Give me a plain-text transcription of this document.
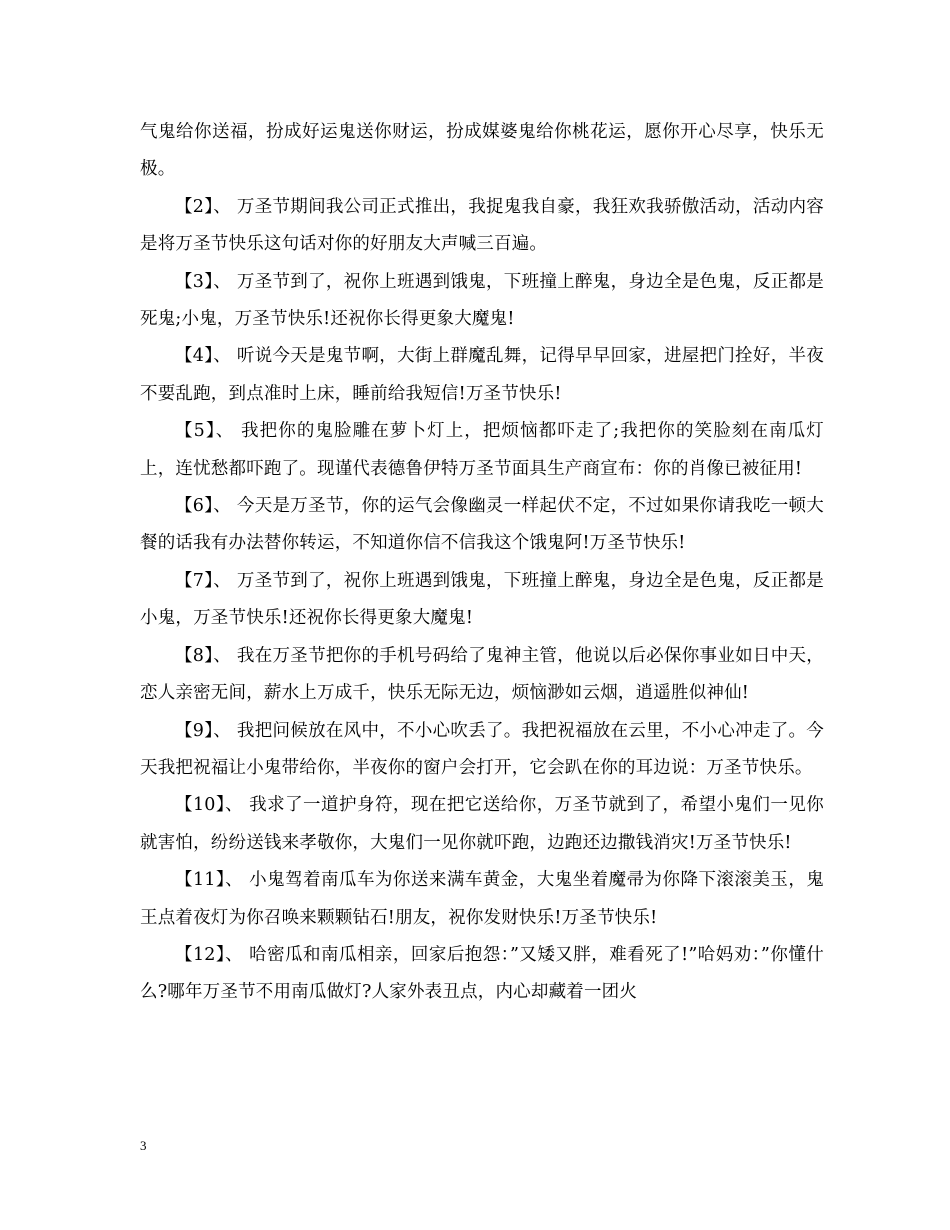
气鬼给你送福，扮成好运鬼送你财运，扮成媒婆鬼给你桃花运，愿你开心尽享，快乐无极。

【2】、 万圣节期间我公司正式推出，我捉鬼我自豪，我狂欢我骄傲活动，活动内容是将万圣节快乐这句话对你的好朋友大声喊三百遍。

【3】、 万圣节到了，祝你上班遇到饿鬼，下班撞上醉鬼，身边全是色鬼，反正都是死鬼;小鬼，万圣节快乐!还祝你长得更象大魔鬼!

【4】、 听说今天是鬼节啊，大街上群魔乱舞，记得早早回家，进屋把门拴好，半夜不要乱跑，到点准时上床，睡前给我短信!万圣节快乐!

【5】、 我把你的鬼脸雕在萝卜灯上，把烦恼都吓走了;我把你的笑脸刻在南瓜灯上，连忧愁都吓跑了。现谨代表德鲁伊特万圣节面具生产商宣布：你的肖像已被征用!

【6】、 今天是万圣节，你的运气会像幽灵一样起伏不定，不过如果你请我吃一顿大餐的话我有办法替你转运，不知道你信不信我这个饿鬼阿!万圣节快乐!

【7】、 万圣节到了，祝你上班遇到饿鬼，下班撞上醉鬼，身边全是色鬼，反正都是小鬼，万圣节快乐!还祝你长得更象大魔鬼!

【8】、 我在万圣节把你的手机号码给了鬼神主管，他说以后必保你事业如日中天，恋人亲密无间，薪水上万成千，快乐无际无边，烦恼渺如云烟，逍遥胜似神仙!

【9】、 我把问候放在风中，不小心吹丢了。我把祝福放在云里，不小心冲走了。今天我把祝福让小鬼带给你，半夜你的窗户会打开，它会趴在你的耳边说：万圣节快乐。

【10】、 我求了一道护身符，现在把它送给你，万圣节就到了，希望小鬼们一见你就害怕，纷纷送钱来孝敬你，大鬼们一见你就吓跑，边跑还边撒钱消灾!万圣节快乐!

【11】、 小鬼驾着南瓜车为你送来满车黄金，大鬼坐着魔帚为你降下滚滚美玉，鬼王点着夜灯为你召唤来颗颗钻石!朋友，祝你发财快乐!万圣节快乐!

【12】、 哈密瓜和南瓜相亲，回家后抱怨：”又矮又胖，难看死了!”哈妈劝：”你懂什么?哪年万圣节不用南瓜做灯?人家外表丑点，内心却藏着一团火

3
